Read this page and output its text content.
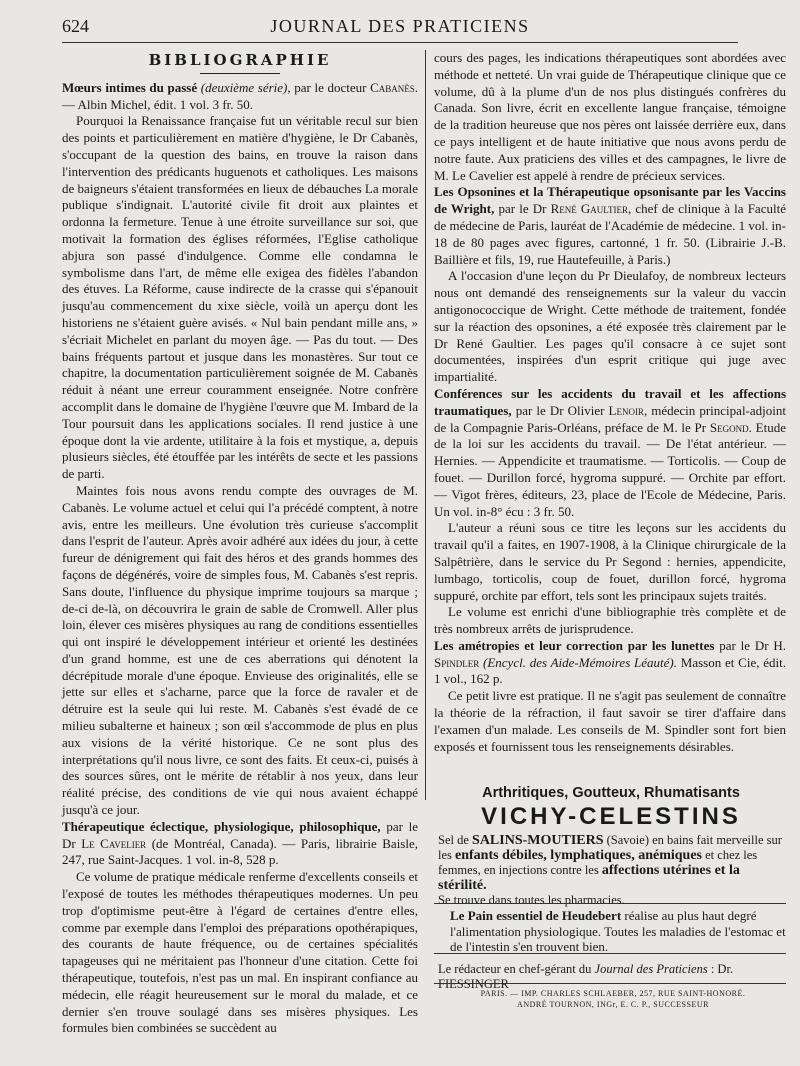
624	JOURNAL DES PRATICIENS
BIBLIOGRAPHIE

Mœurs intimes du passé (deuxième série), par le docteur Cabanès. — Albin Michel, édit. 1 vol. 3 fr. 50.

Pourquoi la Renaissance française fut un véritable recul sur bien des points et particulièrement en matière d'hygiène, le Dr Cabanès, s'occupant de la question des bains, en trouve la raison dans l'intervention des prédicants huguenots et catholiques. Les maisons de baigneurs s'étaient transformées en lieux de débauches La morale publique s'indignait. L'autorité civile fit droit aux plaintes et ordonna la fermeture. Tenue à une étroite surveillance sur soi, que motivait la formation des églises réformées, l'Eglise catholique abjura son passé d'indulgence. Comme elle condamna le symbolisme dans l'art, de même elle exigea des fidèles l'abandon des étuves. La Réforme, cause indirecte de la crasse qui s'épanouit jusqu'au commencement du xixe siècle, voilà un aperçu dont les historiens ne s'étaient guère avisés. « Nul bain pendant mille ans, » s'écriait Michelet en parlant du moyen âge. — Pas du tout. — Des bains fréquents partout et jusque dans les monastères. Sur tout ce chapitre, la documentation particulièrement soignée de M. Cabanès réduit à néant une erreur couramment enseignée. Notre confrère accomplit dans le domaine de l'hygiène l'œuvre que M. Imbard de la Tour poursuit dans les applications sociales. Il rend justice à une époque dont la vie ardente, utilitaire à la fois et mystique, a, depuis plusieurs siècles, été étouffée par les intérêts de secte et les passions de parti.

Maintes fois nous avons rendu compte des ouvrages de M. Cabanès. Le volume actuel et celui qui l'a précédé comptent, à notre avis, entre les meilleurs. Une évolution très curieuse s'accomplit dans l'esprit de l'auteur. Après avoir adhéré aux idées du jour, à cette fureur de dénigrement qui fait des héros et des grands hommes des façons de dégénérés, voire de simples fous, M. Cabanès s'est repris. Sans doute, l'influence du physique imprime toujours sa marque ; de-ci de-là, on découvrira le grain de sable de Cromwell. Aller plus loin, élever ces misères physiques au rang de conditions essentielles qui ont inspiré le développement intérieur et orienté les destinées d'un grand homme, est une de ces aberrations qui dénotent la décrépitude morale d'une époque. Envieuse des originalités, elle se jette sur elles et s'acharne, parce que la force de ravaler et de détruire est la seule qui lui reste. M. Cabanès s'est évadé de ce milieu subalterne et haineux ; son œil s'accommode de plus en plus aux visions de la vérité historique. Ce ne sont plus des interprétations qu'il nous livre, ce sont des faits. Et ceux-ci, puisés à des sources sûres, ont le mérite de rétablir à nos yeux, dans leur réalité précise, des conditions de vie qui nous avaient échappé jusqu'à ce jour.

Thérapeutique éclectique, physiologique, philosophique, par le Dr Le Cavelier (de Montréal, Canada). — Paris, librairie Baisle, 247, rue Saint-Jacques. 1 vol. in-8, 528 p.

Ce volume de pratique médicale renferme d'excellents conseils et l'exposé de toutes les méthodes thérapeutiques modernes. Un peu trop d'optimisme peut-être à l'égard de certaines d'entre elles, comme par exemple dans l'emploi des préparations opothérapiques, des courants de haute fréquence, ou de certaines spécialités tapageuses qui ne méritaient pas l'honneur d'une citation. Cette foi thérapeutique, toutefois, n'est pas un mal. En inspirant confiance au médecin, elle réagit heureusement sur le moral du malade, et ce dernier s'en trouve soulagé dans ses misères physiques. Les formules bien combinées se succèdent au

cours des pages, les indications thérapeutiques sont abordées avec méthode et netteté. Un vrai guide de Thérapeutique clinique que ce volume, dû à la plume d'un de nos plus distingués confrères du Canada. Son livre, écrit en excellente langue française, témoigne de la tradition heureuse que nos pères ont laissée derrière eux, dans ce pays intelligent et de haute initiative que nous avons perdu de notre faute. Aux praticiens des villes et des campagnes, le livre de M. Le Cavelier est appelé à rendre de précieux services.

Les Opsonines et la Thérapeutique opsonisante par les Vaccins de Wright, par le Dr René Gaultier, chef de clinique à la Faculté de médecine de Paris, lauréat de l'Académie de médecine. 1 vol. in-18 de 80 pages avec figures, cartonné, 1 fr. 50. (Librairie J.-B. Baillière et fils, 19, rue Hautefeuille, à Paris.)

A l'occasion d'une leçon du Pr Dieulafoy, de nombreux lecteurs nous ont demandé des renseignements sur la valeur du vaccin antigonococcique de Wright. Cette méthode de traitement, fondée sur la réaction des opsonines, a été exposée très clairement par le Dr René Gaultier. Les pages qu'il consacre à ce sujet sont documentées, inspirées d'un esprit critique qui juge avec impartialité.

Conférences sur les accidents du travail et les affections traumatiques, par le Dr Olivier Lenoir, médecin principal-adjoint de la Compagnie Paris-Orléans, préface de M. le Pr Segond. Etude de la loi sur les accidents du travail. — De l'état antérieur. — Hernies. — Appendicite et traumatisme. — Torticolis. — Coup de fouet. — Durillon forcé, hygroma suppuré. — Orchite par effort. — Vigot frères, éditeurs, 23, place de l'Ecole de Médecine, Paris. Un vol. in-8° écu : 3 fr. 50.

L'auteur a réuni sous ce titre les leçons sur les accidents du travail qu'il a faites, en 1907-1908, à la Clinique chirurgicale de la Salpêtrière, dans le service du Pr Segond : hernies, appendicite, lumbago, torticolis, coup de fouet, durillon forcé, hygroma suppuré, orchite par effort, tels sont les principaux sujets traités.

Le volume est enrichi d'une bibliographie très complète et de très nombreux arrêts de jurisprudence.

Les amétropies et leur correction par les lunettes par le Dr H. Spindler (Encycl. des Aide-Mémoires Léauté). Masson et Cie, édit. 1 vol., 162 p.

Ce petit livre est pratique. Il ne s'agit pas seulement de connaître la théorie de la réfraction, il faut savoir se tirer d'affaire dans l'examen d'un malade. Les conseils de M. Spindler sont fort bien exposés et fournissent tous les renseignements désirables.

Arthritiques, Goutteux, Rhumatisants
VICHY-CELESTINS
Sel de SALINS-MOUTIERS (Savoie) en bains fait merveille sur les enfants débiles, lymphatiques, anémiques et chez les femmes, en injections contre les affections utérines et la stérilité.
Se trouve dans toutes les pharmacies.
Le Pain essentiel de Heudebert réalise au plus haut degré l'alimentation physiologique. Toutes les maladies de l'estomac et de l'intestin s'en trouvent bien.
Le rédacteur en chef-gérant du Journal des Praticiens : Dr. FIESSINGER
PARIS. — IMP. CHARLES SCHLAEBER, 257, RUE SAINT-HONORÉ.
ANDRÉ TOURNON, INGr, E. C. P., SUCCESSEUR
